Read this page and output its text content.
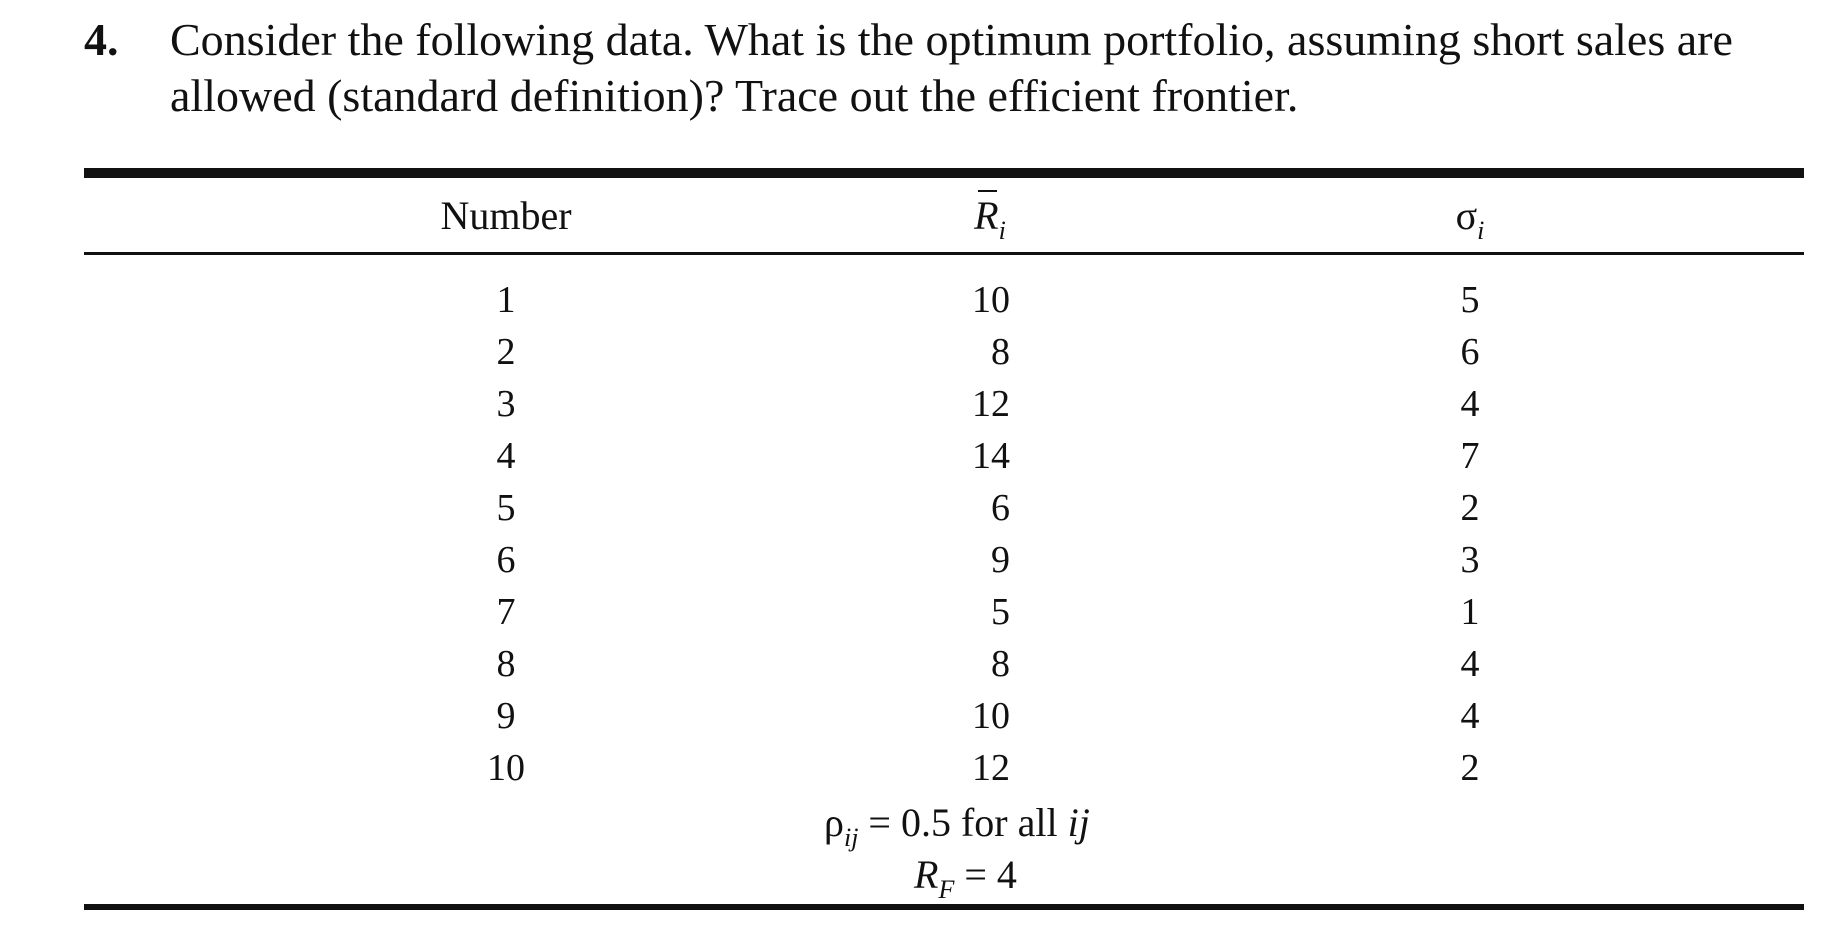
4. Consider the following data. What is the optimum portfolio, assuming short sales are
allowed (standard definition)? Trace out the efficient frontier.
Number	$R_i$	$\sigma_i$
1	10	5
2	8	6
3	12	4
4	14	7
5	6	2
6	9	3
7	5	1
8	8	4
9	10	4
10	12	2
$\rho_{ij} = 0.5$ for all ij
$R_F = 4$
